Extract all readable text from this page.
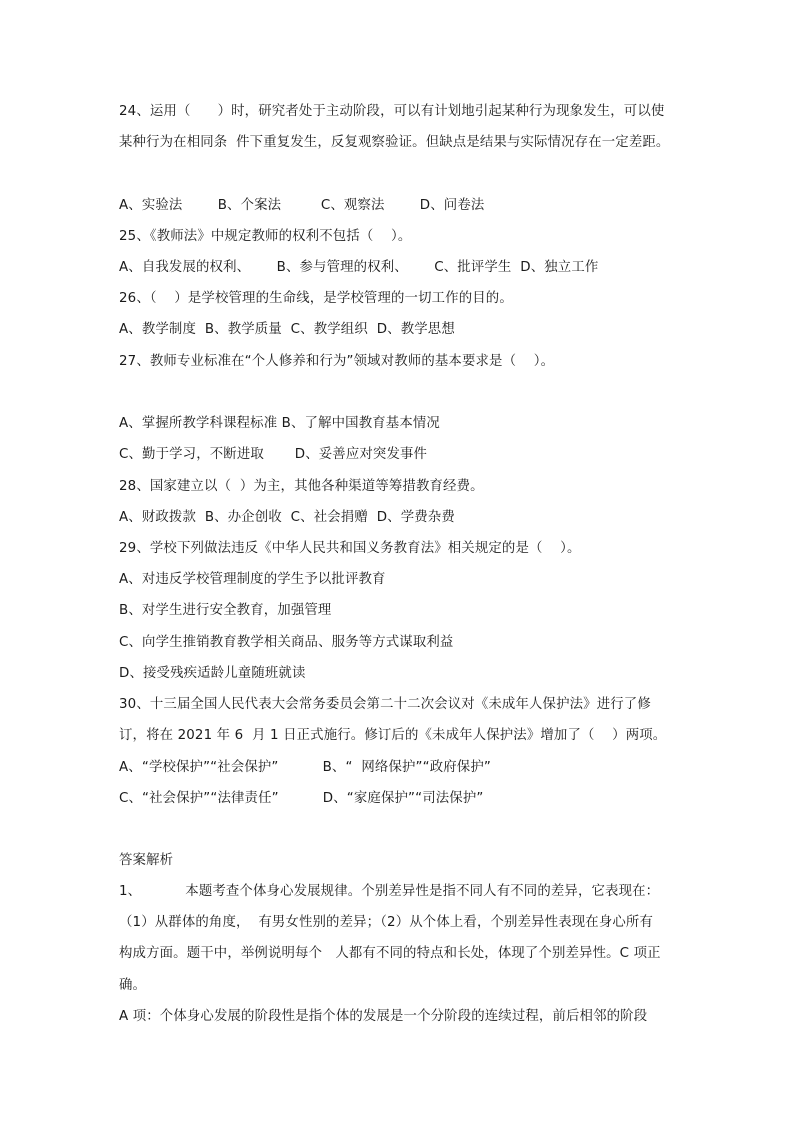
24、运用（　　）时，研究者处于主动阶段，可以有计划地引起某种行为现象发生，可以使
某种行为在相同条  件下重复发生，反复观察验证。但缺点是结果与实际情况存在一定差距。
A、实验法        B、个案法         C、观察法        D、问卷法
25、《教师法》中规定教师的权利不包括（    ）。
A、自我发展的权利、      B、参与管理的权利、      C、批评学生  D、独立工作
26、（    ）是学校管理的生命线，是学校管理的一切工作的目的。
A、教学制度  B、教学质量  C、教学组织  D、教学思想
27、教师专业标准在“个人修养和行为”领域对教师的基本要求是（    ）。
A、掌握所教学科课程标准 B、了解中国教育基本情况
C、勤于学习，不断进取       D、妥善应对突发事件
28、国家建立以（  ）为主，其他各种渠道等筹措教育经费。
A、财政拨款  B、办企创收  C、社会捐赠  D、学费杂费
29、学校下列做法违反《中华人民共和国义务教育法》相关规定的是（    ）。
A、对违反学校管理制度的学生予以批评教育
B、对学生进行安全教育，加强管理
C、向学生推销教育教学相关商品、服务等方式谋取利益
D、接受残疾适龄儿童随班就读
30、十三届全国人民代表大会常务委员会第二十二次会议对《未成年人保护法》进行了修
订，将在 2021 年 6  月 1 日正式施行。修订后的《未成年人保护法》增加了（    ）两项。
A、“学校保护”“社会保护”          B、“  网络保护”“政府保护”
C、“社会保护”“法律责任”          D、“家庭保护”“司法保护”
答案解析
1、          本题考查个体身心发展规律。个别差异性是指不同人有不同的差异，它表现在：
（1）从群体的角度，  有男女性别的差异；（2）从个体上看，个别差异性表现在身心所有
构成方面。题干中，举例说明每个   人都有不同的特点和长处，体现了个别差异性。C 项正
确。
A 项：个体身心发展的阶段性是指个体的发展是一个分阶段的连续过程，前后相邻的阶段
